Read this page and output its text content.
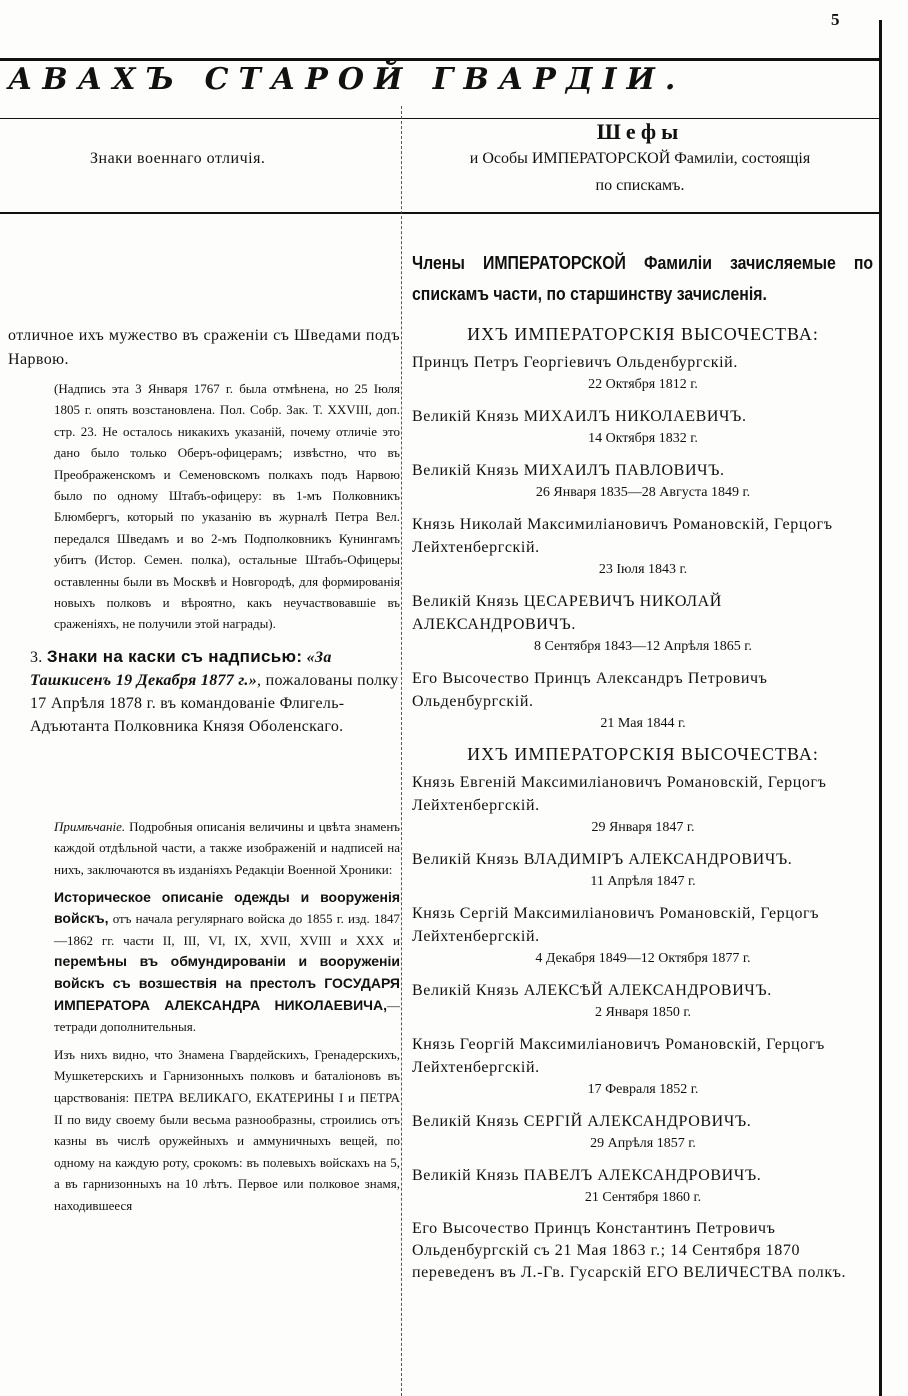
5
АВАХЪ СТАРОЙ ГВАРДІИ.
Знаки военнаго отличія.
Шефы
и Особы ИМПЕРАТОРСКОЙ Фамиліи, состоящія
по спискамъ.

отличное ихъ мужество въ сраженіи съ Шведами подъ Нарвою.

(Надпись эта 3 Января 1767 г. была отмѣнена, но 25 Іюля 1805 г. опять возстановлена. Пол. Собр. Зак. Т. XXVIII, доп. стр. 23. Не осталось никакихъ указаній, почему отличіе это дано было только Оберъ-офицерамъ; извѣстно, что въ Преображенскомъ и Семеновскомъ полкахъ подъ Нарвою было по одному Штабъ-офицеру: въ 1-мъ Полковникъ Блюмбергъ, который по указанію въ журналѣ Петра Вел. передался Шведамъ и во 2-мъ Подполковникъ Кунингамъ убитъ (Истор. Семен. полка), остальные Штабъ-Офицеры оставленны были въ Москвѣ и Новгородѣ, для формированія новыхъ полковъ и вѣроятно, какъ неучаствовавшіе въ сраженіяхъ, не получили этой награды).

3. Знаки на каски съ надписью: «За Ташкисенъ 19 Декабря 1877 г.», пожалованы полку 17 Апрѣля 1878 г. въ командованіе Флигель-Адъютанта Полковника Князя Оболенскаго.

Примѣчаніе. Подробныя описанія величины и цвѣта знаменъ каждой отдѣльной части, а также изображеній и надписей на нихъ, заключаются въ изданіяхъ Редакціи Военной Хроники:

Историческое описаніе одежды и вооруженія войскъ, отъ начала регулярнаго войска до 1855 г. изд. 1847—1862 гг. части II, III, VI, IX, XVII, XVIII и XXX и перемѣны въ обмундированіи и вооруженіи войскъ съ возшествія на престолъ ГОСУДАРЯ ИМПЕРАТОРА АЛЕКСАНДРА НИКОЛАЕВИЧА,—тетради дополнительныя.

Изъ нихъ видно, что Знамена Гвардейскихъ, Гренадерскихъ, Мушкетерскихъ и Гарнизонныхъ полковъ и баталіоновъ въ царствованія: ПЕТРА ВЕЛИКАГО, ЕКАТЕРИНЫ I и ПЕТРА II по виду своему были весьма разнообразны, строились отъ казны въ числѣ оружейныхъ и аммуничныхъ вещей, по одному на каждую роту, срокомъ: въ полевыхъ войскахъ на 5, а въ гарнизонныхъ на 10 лѣтъ. Первое или полковое знамя, находившееся

Члены ИМПЕРАТОРСКОЙ Фамиліи зачисляемые по спискамъ части, по старшинству зачисленія.
ИХЪ ИМПЕРАТОРСКІЯ ВЫСОЧЕСТВА:
Принцъ Петръ Георгіевичъ Ольденбургскій.
22 Октября 1812 г.
Великій Князь МИХАИЛЪ НИКОЛАЕВИЧЪ.
14 Октября 1832 г.
Великій Князь МИХАИЛЪ ПАВЛОВИЧЪ.
26 Января 1835—28 Августа 1849 г.
Князь Николай Максимиліановичъ Романовскій, Герцогъ Лейхтенбергскій.
23 Іюля 1843 г.
Великій Князь ЦЕСАРЕВИЧЪ НИКОЛАЙ АЛЕКСАНДРОВИЧЪ.
8 Сентября 1843—12 Апрѣля 1865 г.
Его Высочество Принцъ Александръ Петровичъ Ольденбургскій.
21 Мая 1844 г.
ИХЪ ИМПЕРАТОРСКІЯ ВЫСОЧЕСТВА:
Князь Евгеній Максимиліановичъ Романовскій, Герцогъ Лейхтенбергскій.
29 Января 1847 г.
Великій Князь ВЛАДИМІРЪ АЛЕКСАНДРОВИЧЪ.
11 Апрѣля 1847 г.
Князь Сергій Максимиліановичъ Романовскій, Герцогъ Лейхтенбергскій.
4 Декабря 1849—12 Октября 1877 г.
Великій Князь АЛЕКСѢЙ АЛЕКСАНДРОВИЧЪ.
2 Января 1850 г.
Князь Георгій Максимиліановичъ Романовскій, Герцогъ Лейхтенбергскій.
17 Февраля 1852 г.
Великій Князь СЕРГІЙ АЛЕКСАНДРОВИЧЪ.
29 Апрѣля 1857 г.
Великій Князь ПАВЕЛЪ АЛЕКСАНДРОВИЧЪ.
21 Сентября 1860 г.
Его Высочество Принцъ Константинъ Петровичъ Ольденбургскій съ 21 Мая 1863 г.; 14 Сентября 1870 переведенъ въ Л.-Гв. Гусарскій ЕГО ВЕЛИЧЕСТВА полкъ.
